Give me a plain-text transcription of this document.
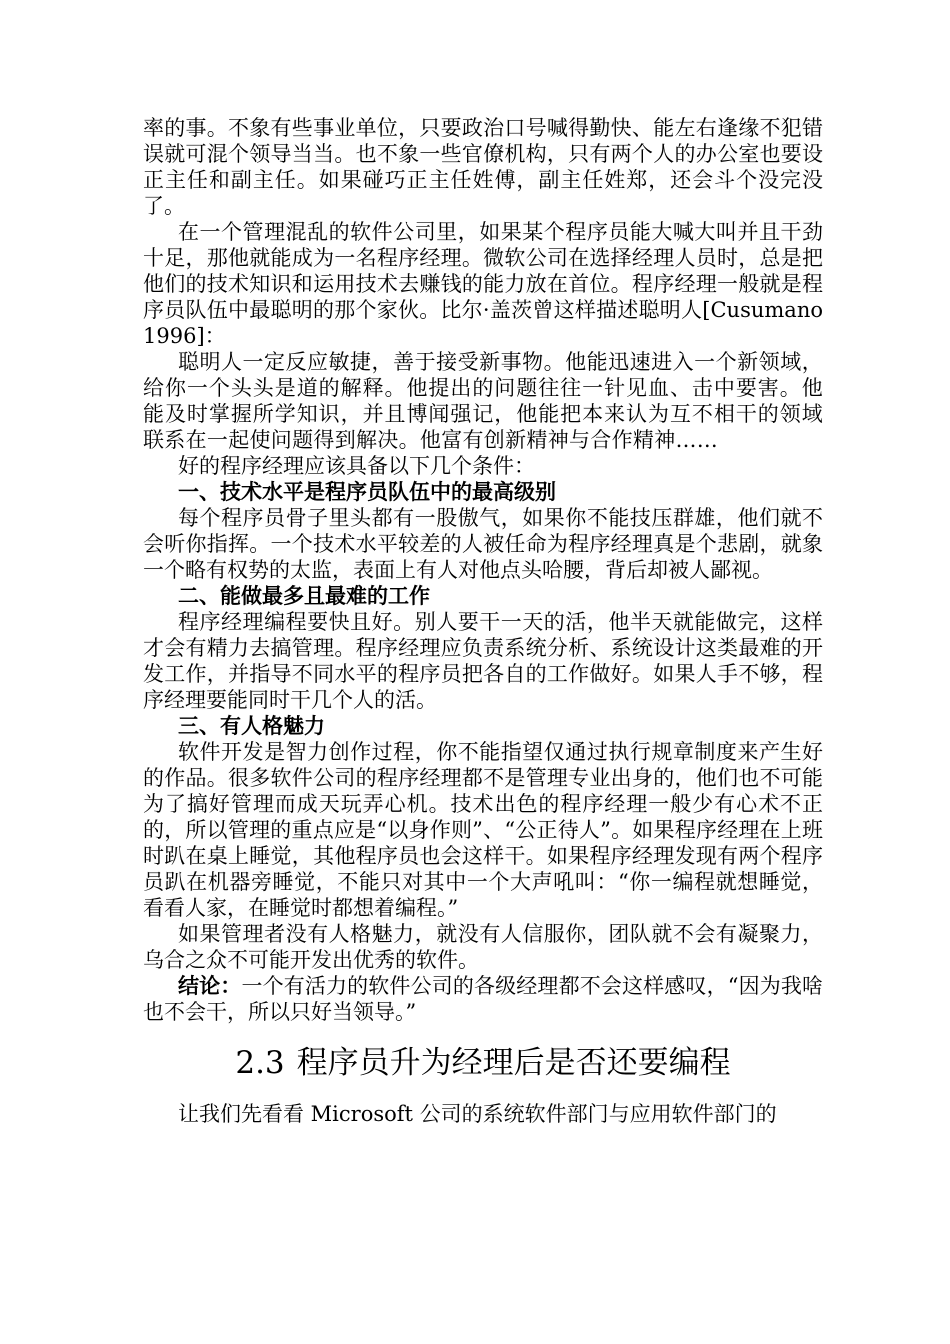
率的事。不象有些事业单位，只要政治口号喊得勤快、能左右逢缘不犯错误就可混个领导当当。也不象一些官僚机构，只有两个人的办公室也要设正主任和副主任。如果碰巧正主任姓傅，副主任姓郑，还会斗个没完没了。

在一个管理混乱的软件公司里，如果某个程序员能大喊大叫并且干劲十足，那他就能成为一名程序经理。微软公司在选择经理人员时，总是把他们的技术知识和运用技术去赚钱的能力放在首位。程序经理一般就是程序员队伍中最聪明的那个家伙。比尔·盖茨曾这样描述聪明人[Cusumano1996]：

聪明人一定反应敏捷，善于接受新事物。他能迅速进入一个新领域，给你一个头头是道的解释。他提出的问题往往一针见血、击中要害。他能及时掌握所学知识，并且博闻强记，他能把本来认为互不相干的领域联系在一起使问题得到解决。他富有创新精神与合作精神……

好的程序经理应该具备以下几个条件：

一、技术水平是程序员队伍中的最高级别

每个程序员骨子里头都有一股傲气，如果你不能技压群雄，他们就不会听你指挥。一个技术水平较差的人被任命为程序经理真是个悲剧，就象一个略有权势的太监，表面上有人对他点头哈腰，背后却被人鄙视。

二、能做最多且最难的工作

程序经理编程要快且好。别人要干一天的活，他半天就能做完，这样才会有精力去搞管理。程序经理应负责系统分析、系统设计这类最难的开发工作，并指导不同水平的程序员把各自的工作做好。如果人手不够，程序经理要能同时干几个人的活。

三、有人格魅力

软件开发是智力创作过程，你不能指望仅通过执行规章制度来产生好的作品。很多软件公司的程序经理都不是管理专业出身的，他们也不可能为了搞好管理而成天玩弄心机。技术出色的程序经理一般少有心术不正的，所以管理的重点应是“以身作则”、“公正待人”。如果程序经理在上班时趴在桌上睡觉，其他程序员也会这样干。如果程序经理发现有两个程序员趴在机器旁睡觉，不能只对其中一个大声吼叫：“你一编程就想睡觉，看看人家，在睡觉时都想着编程。”

如果管理者没有人格魅力，就没有人信服你，团队就不会有凝聚力，乌合之众不可能开发出优秀的软件。

结论：一个有活力的软件公司的各级经理都不会这样感叹，“因为我啥也不会干，所以只好当领导。”

2.3 程序员升为经理后是否还要编程

让我们先看看 Microsoft 公司的系统软件部门与应用软件部门的
